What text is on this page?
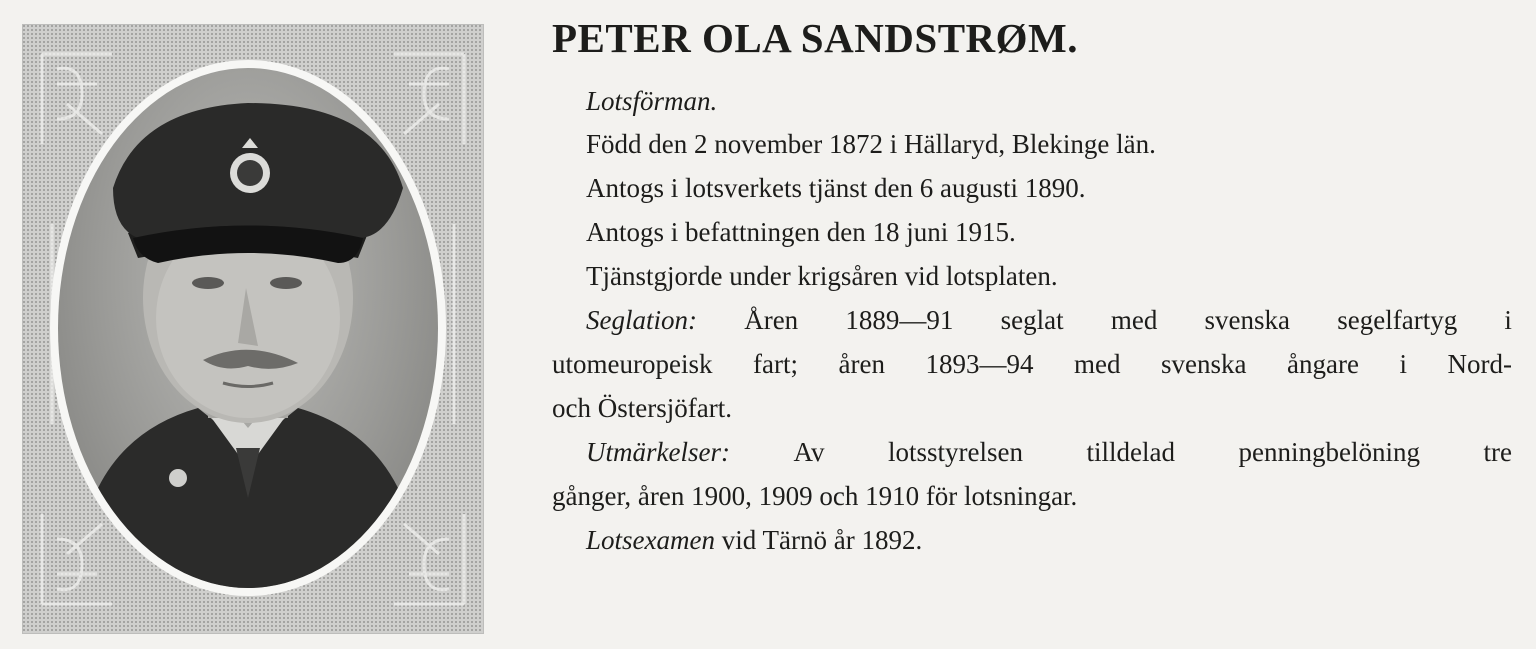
PETER OLA SANDSTRØM.
Lotsförman.
Född den 2 november 1872 i Hällaryd, Blekinge län.
Antogs i lotsverkets tjänst den 6 augusti 1890.
Antogs i befattningen den 18 juni 1915.
Tjänstgjorde under krigsåren vid lotsplaten.
Seglation: Åren 1889—91 seglat med svenska segelfartyg i
utomeuropeisk fart; åren 1893—94 med svenska ångare i Nord-
och Östersjöfart.
Utmärkelser: Av lotsstyrelsen tilldelad penningbelöning tre
gånger, åren 1900, 1909 och 1910 för lotsningar.
Lotsexamen vid Tärnö år 1892.
